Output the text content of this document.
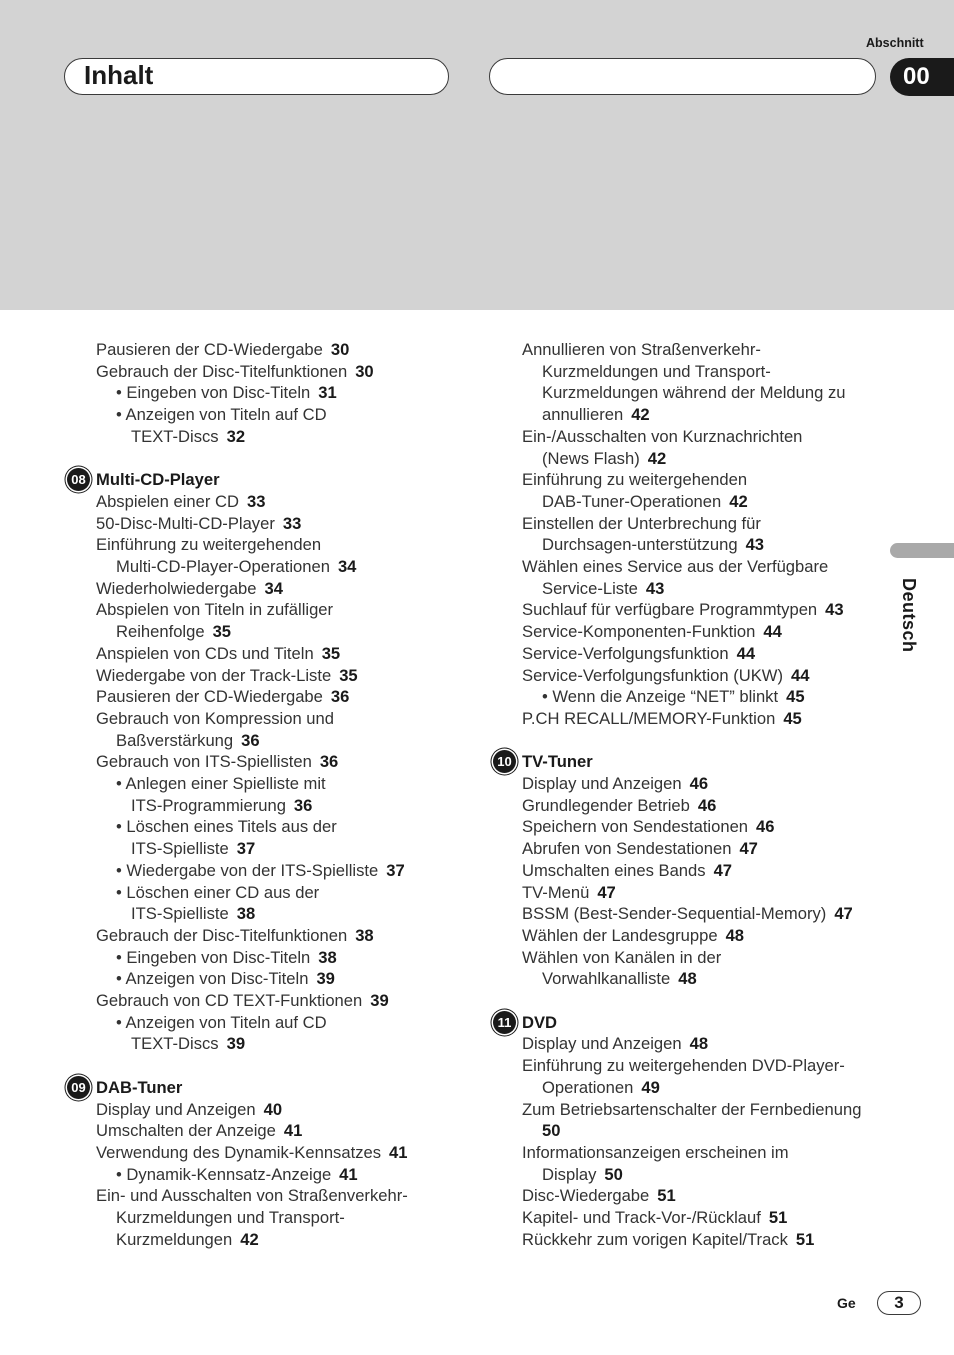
Abschnitt
Inhalt	00
Deutsch
Pausieren der CD-Wiedergabe 30
Gebrauch der Disc-Titelfunktionen 30
• Eingeben von Disc-Titeln 31
• Anzeigen von Titeln auf CD
TEXT-Discs 32
08 Multi-CD-Player
Abspielen einer CD 33
50-Disc-Multi-CD-Player 33
Einführung zu weitergehenden
Multi-CD-Player-Operationen 34
Wiederholwiedergabe 34
Abspielen von Titeln in zufälliger
Reihenfolge 35
Anspielen von CDs und Titeln 35
Wiedergabe von der Track-Liste 35
Pausieren der CD-Wiedergabe 36
Gebrauch von Kompression und
Baßverstärkung 36
Gebrauch von ITS-Spiellisten 36
• Anlegen einer Spielliste mit
ITS-Programmierung 36
• Löschen eines Titels aus der
ITS-Spielliste 37
• Wiedergabe von der ITS-Spielliste 37
• Löschen einer CD aus der
ITS-Spielliste 38
Gebrauch der Disc-Titelfunktionen 38
• Eingeben von Disc-Titeln 38
• Anzeigen von Disc-Titeln 39
Gebrauch von CD TEXT-Funktionen 39
• Anzeigen von Titeln auf CD
TEXT-Discs 39
09 DAB-Tuner
Display und Anzeigen 40
Umschalten der Anzeige 41
Verwendung des Dynamik-Kennsatzes 41
• Dynamik-Kennsatz-Anzeige 41
Ein- und Ausschalten von Straßenverkehr-
Kurzmeldungen und Transport-
Kurzmeldungen 42
Annullieren von Straßenverkehr-
Kurzmeldungen und Transport-
Kurzmeldungen während der Meldung zu
annullieren 42
Ein-/Ausschalten von Kurznachrichten
(News Flash) 42
Einführung zu weitergehenden
DAB-Tuner-Operationen 42
Einstellen der Unterbrechung für
Durchsagen-unterstützung 43
Wählen eines Service aus der Verfügbare
Service-Liste 43
Suchlauf für verfügbare Programmtypen 43
Service-Komponenten-Funktion 44
Service-Verfolgungsfunktion 44
Service-Verfolgungsfunktion (UKW) 44
• Wenn die Anzeige “NET” blinkt 45
P.CH RECALL/MEMORY-Funktion 45
10 TV-Tuner
Display und Anzeigen 46
Grundlegender Betrieb 46
Speichern von Sendestationen 46
Abrufen von Sendestationen 47
Umschalten eines Bands 47
TV-Menü 47
BSSM (Best-Sender-Sequential-Memory) 47
Wählen der Landesgruppe 48
Wählen von Kanälen in der
Vorwahlkanalliste 48
11 DVD
Display und Anzeigen 48
Einführung zu weitergehenden DVD-Player-
Operationen 49
Zum Betriebsartenschalter der Fernbedienung
50
Informationsanzeigen erscheinen im
Display 50
Disc-Wiedergabe 51
Kapitel- und Track-Vor-/Rücklauf 51
Rückkehr zum vorigen Kapitel/Track 51
Ge	3
